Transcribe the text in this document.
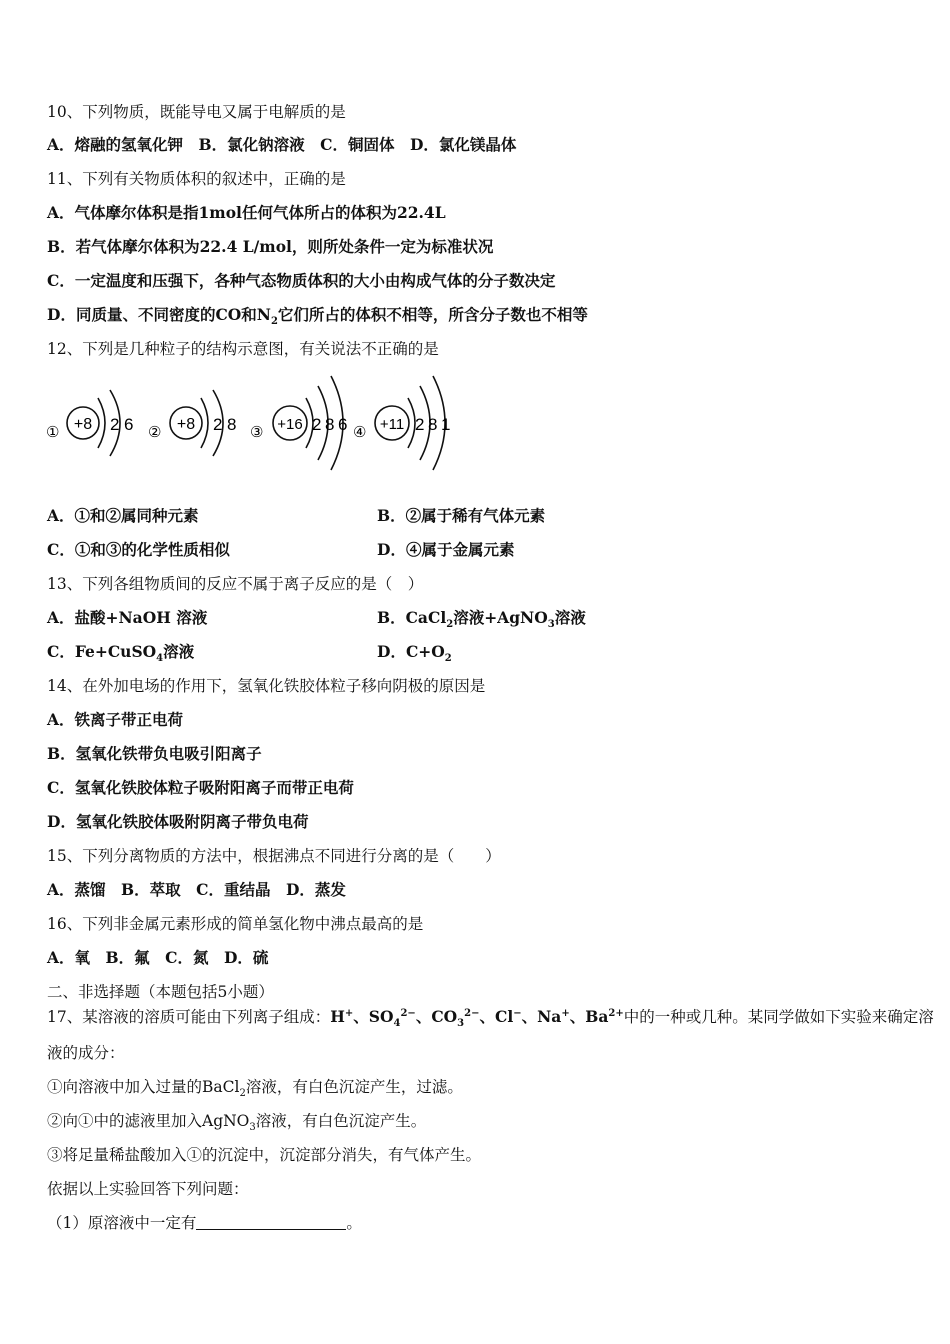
10、下列物质，既能导电又属于电解质的是
A．熔融的氢氧化钾　B．氯化钠溶液　C．铜固体　D．氯化镁晶体
11、下列有关物质体积的叙述中，正确的是
A．气体摩尔体积是指1mol任何气体所占的体积为22.4L
B．若气体摩尔体积为22.4 L/mol，则所处条件一定为标准状况
C．一定温度和压强下，各种气态物质体积的大小由构成气体的分子数决定
D．同质量、不同密度的CO和$N_2$它们所占的体积不相等，所含分子数也不相等
12、下列是几种粒子的结构示意图，有关说法不正确的是
① +8 2 6 ② +8 2 8 ③ +16 2 8 6 ④ +11 2 8 1
A．①和②属同种元素	B．②属于稀有气体元素
C．①和③的化学性质相似	D．④属于金属元素
13、下列各组物质间的反应不属于离子反应的是（　）
A．盐酸+NaOH 溶液	B．CaCl$_2$溶液+AgNO$_3$溶液
C．Fe+CuSO$_4$溶液	D．$C+O_2$
14、在外加电场的作用下，氢氧化铁胶体粒子移向阴极的原因是
A．铁离子带正电荷
B．氢氧化铁带负电吸引阳离子
C．氢氧化铁胶体粒子吸附阳离子而带正电荷
D．氢氧化铁胶体吸附阴离子带负电荷
15、下列分离物质的方法中，根据沸点不同进行分离的是（　　）
A．蒸馏　B．萃取　C．重结晶　D．蒸发
16、下列非金属元素形成的简单氢化物中沸点最高的是
A．氧　B．氟　C．氮　D．硫
二、非选择题（本题包括5小题）
17、某溶液的溶质可能由下列离子组成：H+、$SO_4^{2-}$、$CO_3^{2-}$、Cl−、Na+、$Ba^{2+}$中的一种或几种。某同学做如下实验来确定溶
液的成分：
①向溶液中加入过量的BaCl$_2$溶液，有白色沉淀产生，过滤。
②向①中的滤液里加入AgNO$_3$溶液，有白色沉淀产生。
③将足量稀盐酸加入①的沉淀中，沉淀部分消失，有气体产生。
依据以上实验回答下列问题：
（1）原溶液中一定有	。
